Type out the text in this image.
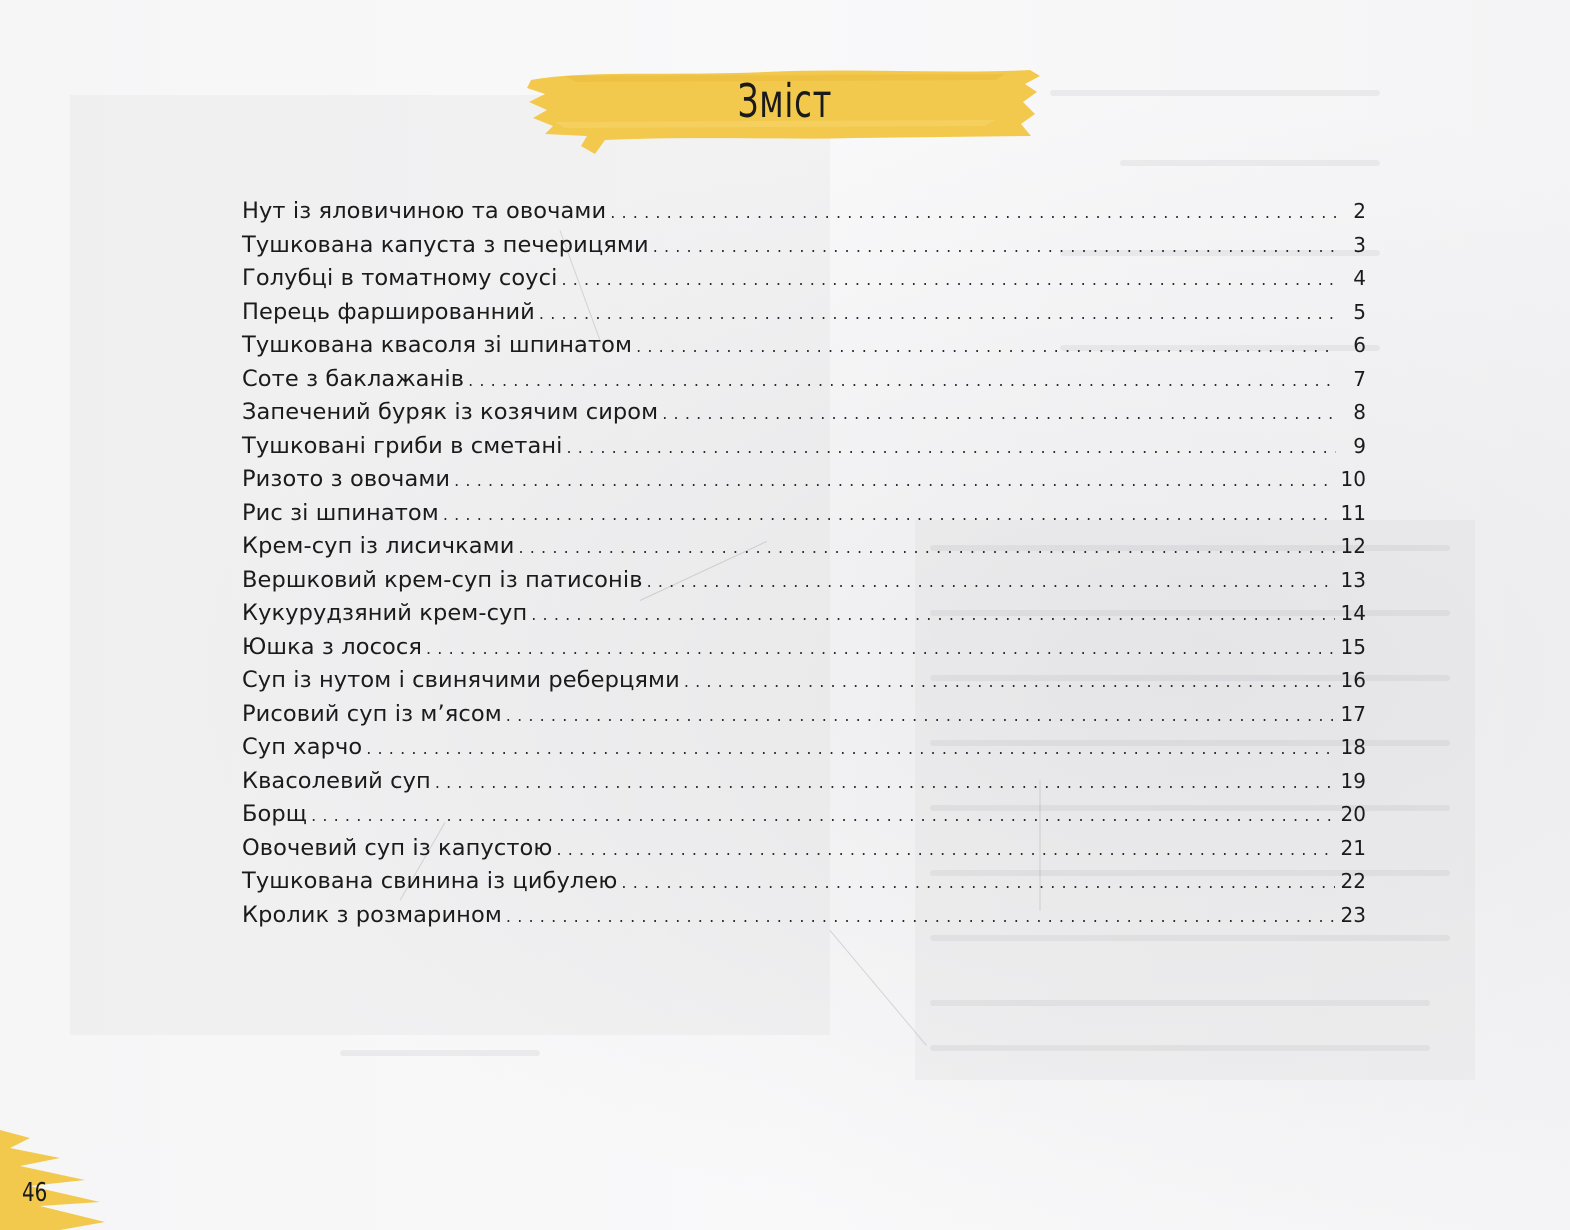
Зміст
Нут із яловичиною та овочами .....	2
Тушкована капуста з печерицями .....	3
Голубці в томатному соусі .....	4
Перець фаршированний .....	5
Тушкована квасоля зі шпинатом .....	6
Соте з баклажанів .....	7
Запечений буряк із козячим сиром .....	8
Тушковані гриби в сметані .....	9
Ризото з овочами .....	10
Рис зі шпинатом .....	11
Крем-суп із лисичками .....	12
Вершковий крем-суп із патисонів .....	13
Кукурудзяний крем-суп .....	14
Юшка з лосося .....	15
Суп із нутом і свинячими реберцями .....	16
Рисовий суп із м’ясом .....	17
Суп харчо .....	18
Квасолевий суп .....	19
Борщ .....	20
Овочевий суп із капустою .....	21
Тушкована свинина із цибулею .....	22
Кролик з розмарином .....	23
46
